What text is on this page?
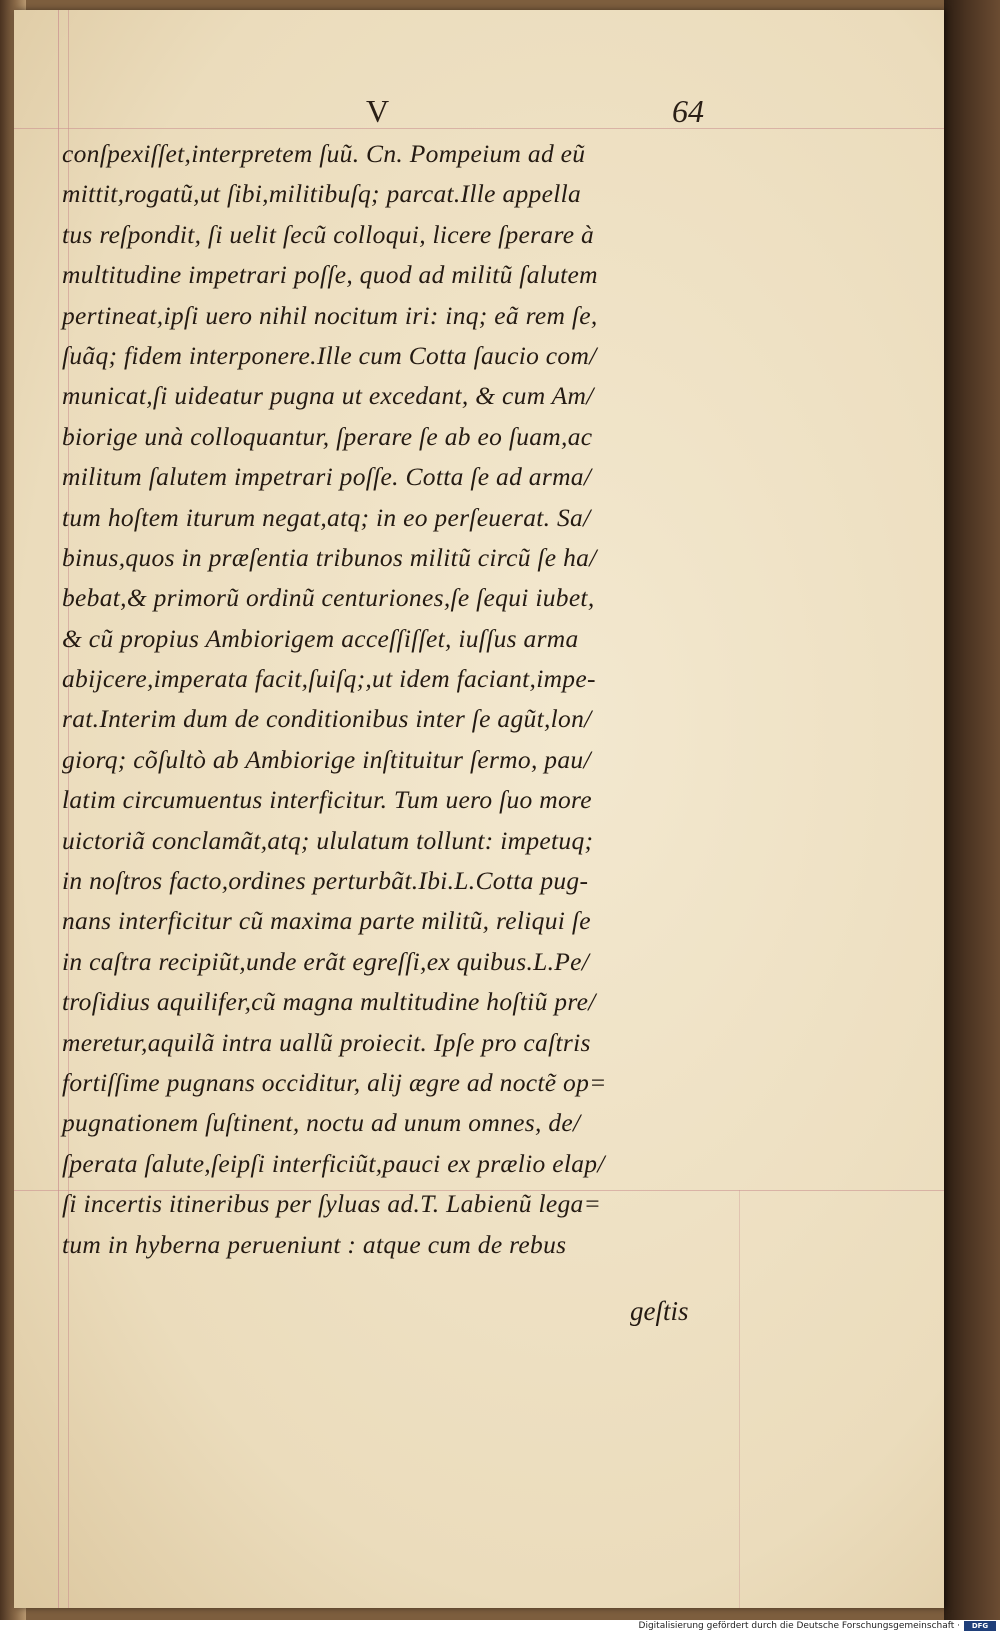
V	64
conſpexiſſet,interpretem ſuũ. Cn. Pompeium ad eũ
mittit,rogatũ,ut ſibi,militibuſq; parcat.Ille appella
tus reſpondit, ſi uelit ſecũ colloqui, licere ſperare à
multitudine impetrari poſſe, quod ad militũ ſalutem
pertineat,ipſi uero nihil nocitum iri: inq; eã rem ſe,
ſuãq; fidem interponere.Ille cum Cotta ſaucio com/
municat,ſi uideatur pugna ut excedant, & cum Am/
biorige unà colloquantur, ſperare ſe ab eo ſuam,ac
militum ſalutem impetrari poſſe. Cotta ſe ad arma/
tum hoſtem iturum negat,atq; in eo perſeuerat. Sa/
binus,quos in præſentia tribunos militũ circũ ſe ha/
bebat,& primorũ ordinũ centuriones,ſe ſequi iubet,
& cũ propius Ambiorigem acceſſiſſet, iuſſus arma
abijcere,imperata facit,ſuiſq;,ut idem faciant,impe-
rat.Interim dum de conditionibus inter ſe agũt,lon/
giorq; cõſultò ab Ambiorige inſtituitur ſermo, pau/
latim circumuentus interficitur. Tum uero ſuo more
uictoriã conclamãt,atq; ululatum tollunt: impetuq;
in noſtros facto,ordines perturbãt.Ibi.L.Cotta pug-
nans interficitur cũ maxima parte militũ, reliqui ſe
in caſtra recipiũt,unde erãt egreſſi,ex quibus.L.Pe/
troſidius aquilifer,cũ magna multitudine hoſtiũ pre/
meretur,aquilã intra uallũ proiecit. Ipſe pro caſtris
fortiſſime pugnans occiditur, alij ægre ad noctẽ op=
pugnationem ſuſtinent, noctu ad unum omnes, de/
ſperata ſalute,ſeipſi interficiũt,pauci ex prælio elap/
ſi incertis itineribus per ſyluas ad.T. Labienũ lega=
tum in hyberna perueniunt : atque cum de rebus
geſtis
Digitalisierung gefördert durch die Deutsche Forschungsgemeinschaft ·	DFG
